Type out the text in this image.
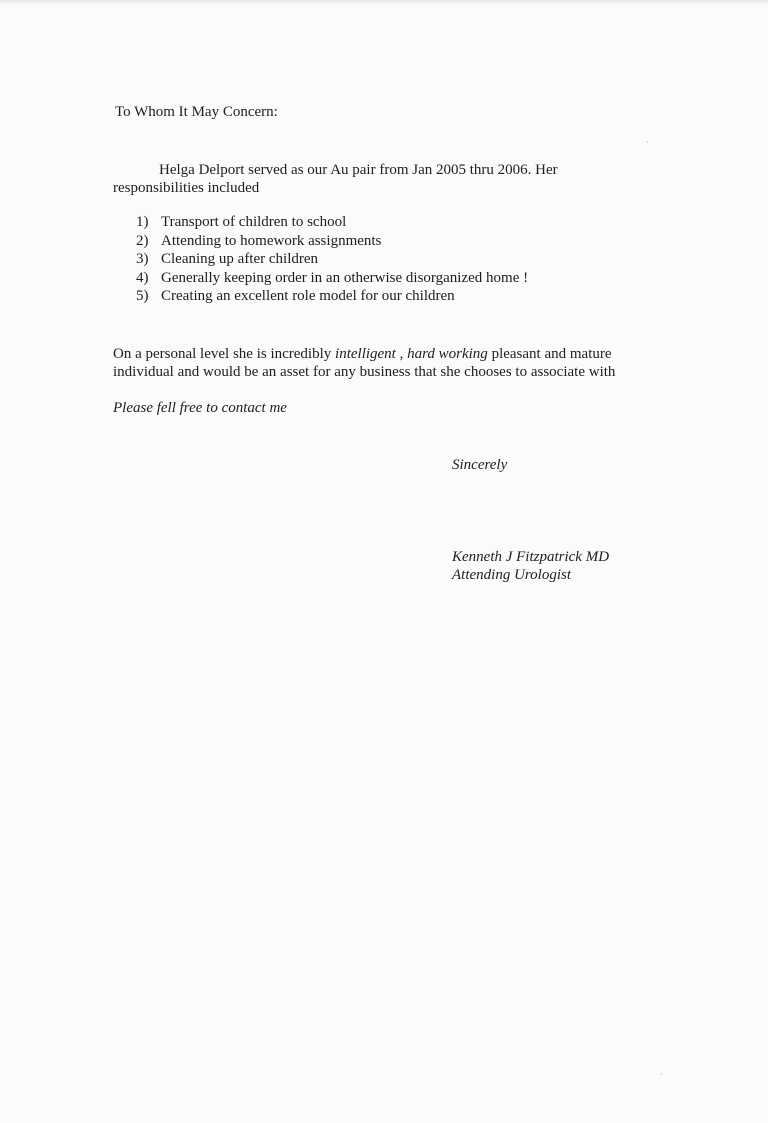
To Whom It May Concern:

Helga Delport served as our Au pair from Jan 2005 thru 2006. Her responsibilities included

1) Transport of children to school
2) Attending to homework assignments
3) Cleaning up after children
4) Generally keeping order in an otherwise disorganized home !
5) Creating an excellent role model for our children

On a personal level she is incredibly intelligent , hard working pleasant and mature individual and would be an asset for any business that she chooses to associate with

Please fell free to contact me

Sincerely

Kenneth J Fitzpatrick MD
Attending Urologist

·
·
